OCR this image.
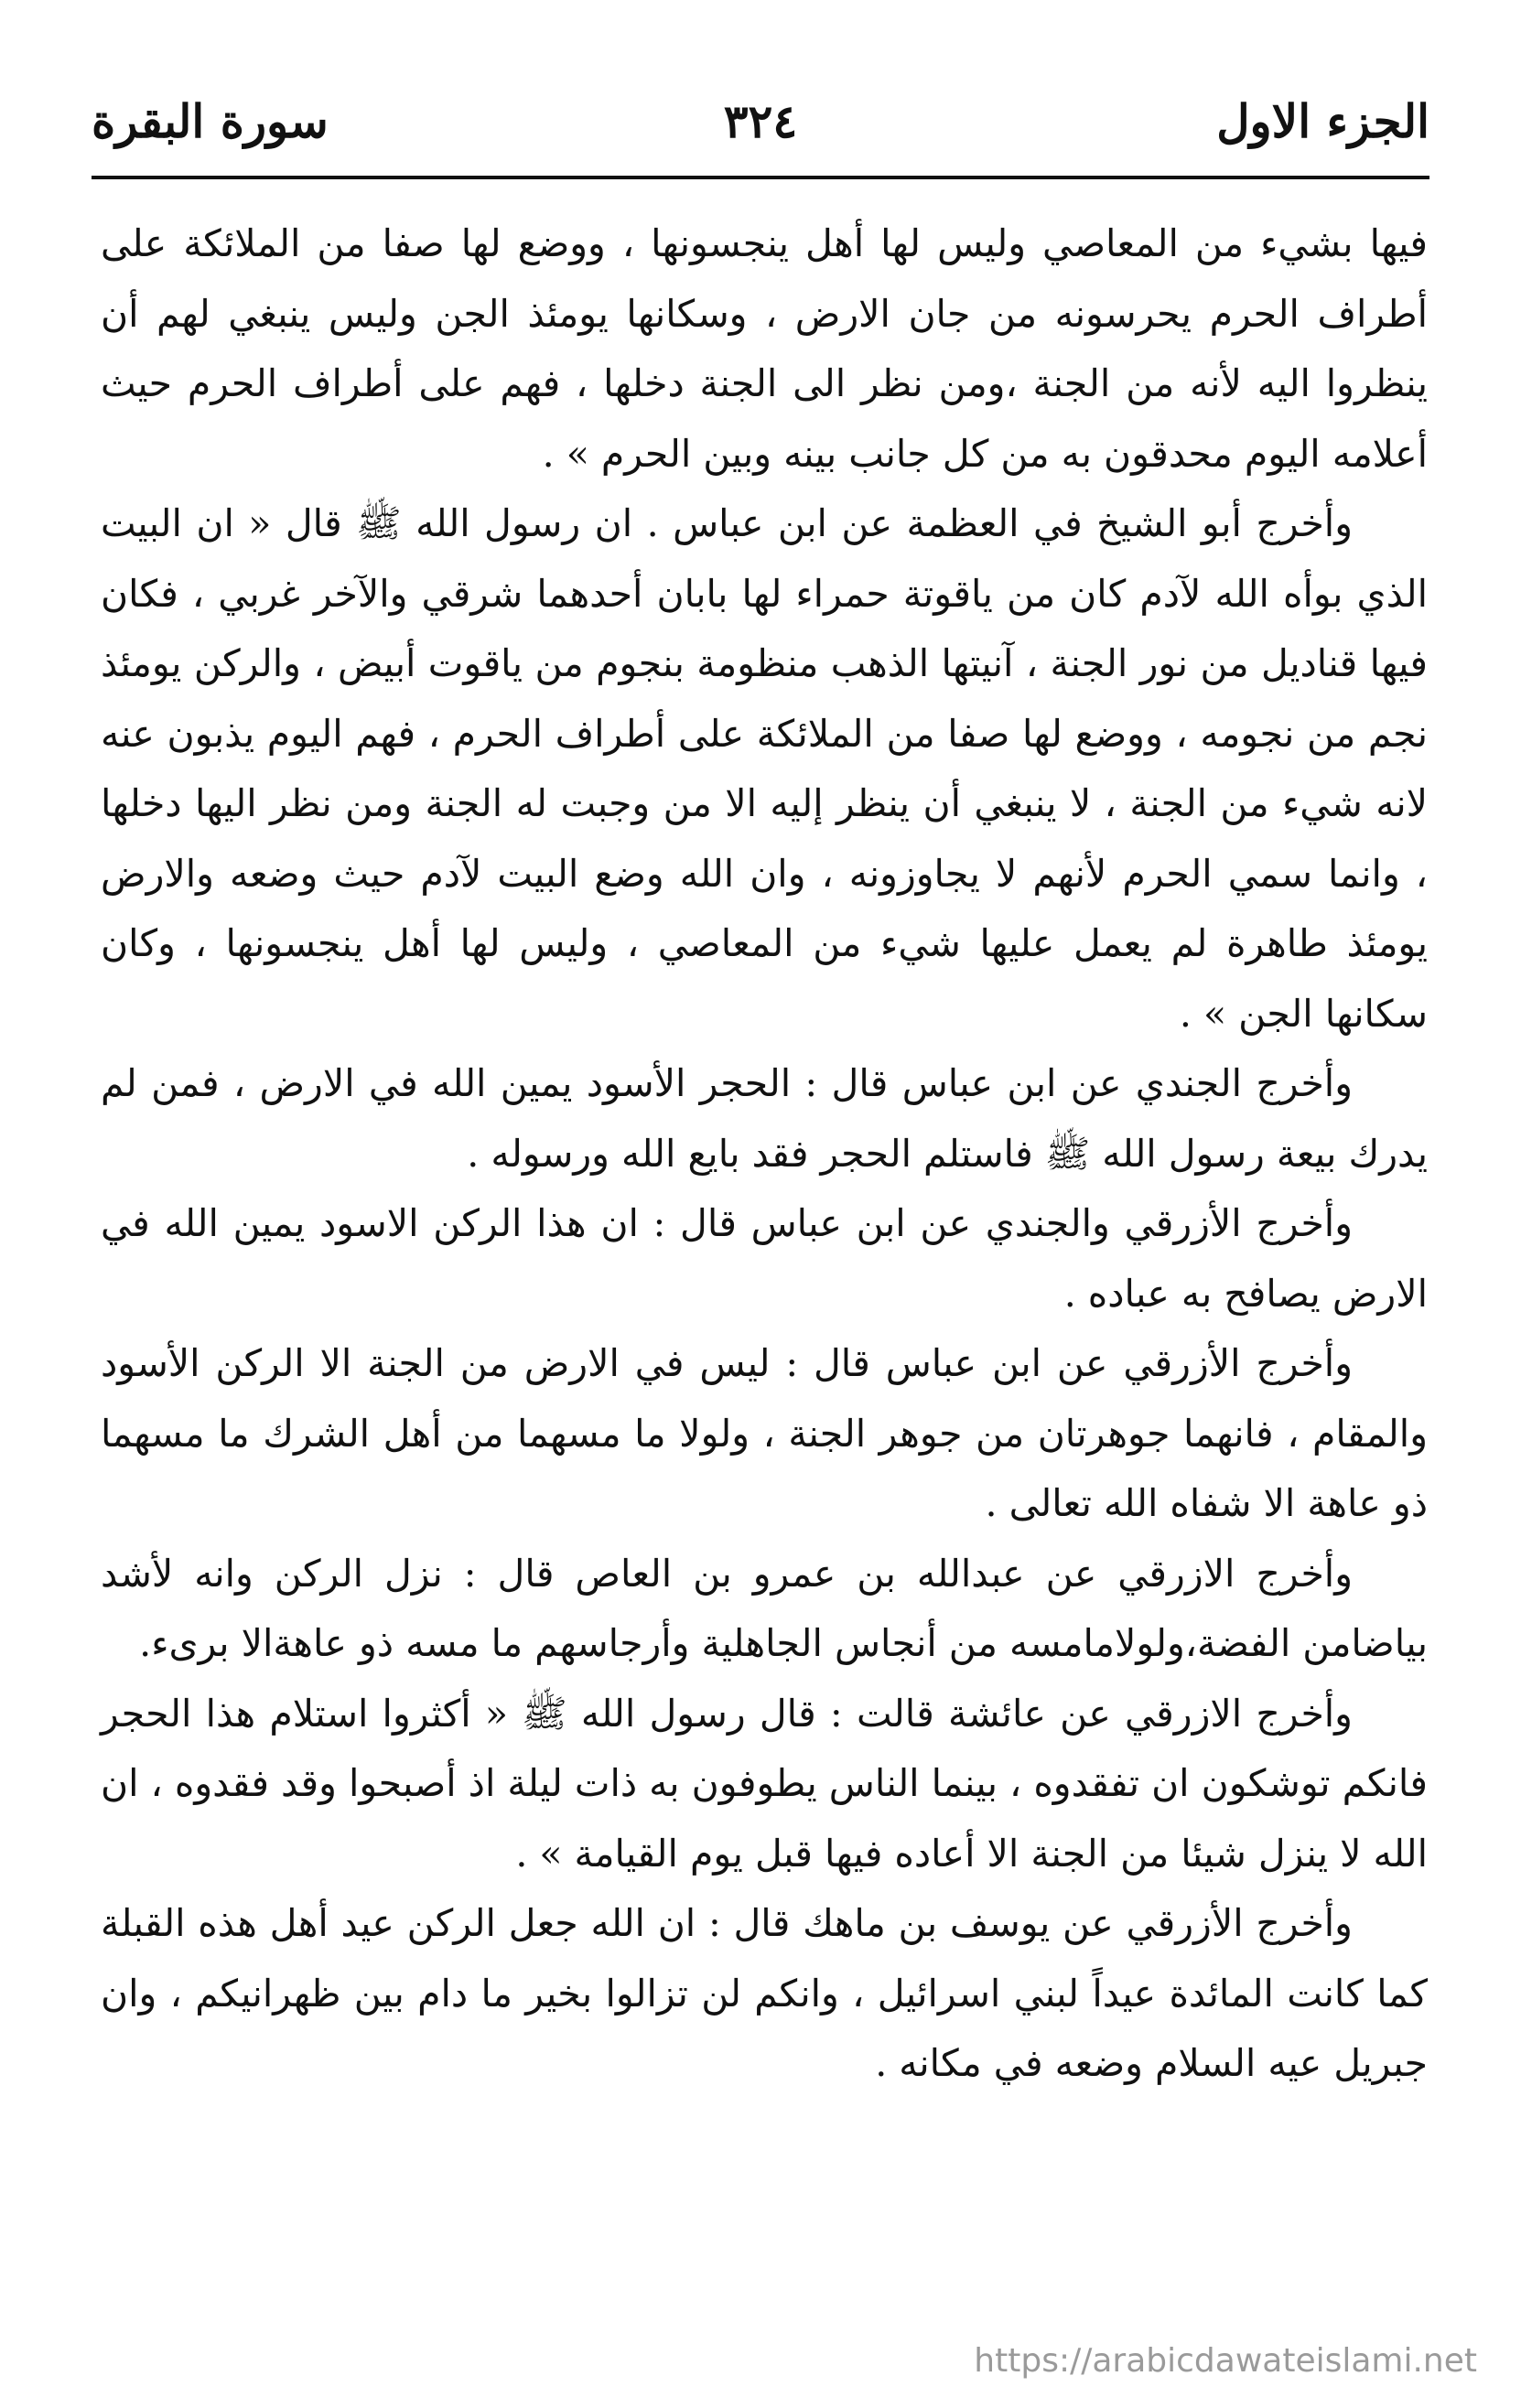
الجزء الاول
٣٢٤
سورة البقرة

فيها بشيء من المعاصي وليس لها أهل ينجسونها ، ووضع لها صفا من الملائكة على أطراف الحرم يحرسونه من جان الارض ، وسكانها يومئذ الجن وليس ينبغي لهم أن ينظروا اليه لأنه من الجنة ،ومن نظر الى الجنة دخلها ، فهم على أطراف الحرم حيث أعلامه اليوم محدقون به من كل جانب بينه وبين الحرم » .

وأخرج أبو الشيخ في العظمة عن ابن عباس . ان رسول الله ﷺ قال « ان البيت الذي بوأه الله لآدم كان من ياقوتة حمراء لها بابان أحدهما شرقي والآخر غربي ، فكان فيها قناديل من نور الجنة ، آنيتها الذهب منظومة بنجوم من ياقوت أبيض ، والركن يومئذ نجم من نجومه ، ووضع لها صفا من الملائكة على أطراف الحرم ، فهم اليوم يذبون عنه لانه شيء من الجنة ، لا ينبغي أن ينظر إليه الا من وجبت له الجنة ومن نظر اليها دخلها ، وانما سمي الحرم لأنهم لا يجاوزونه ، وان الله وضع البيت لآدم حيث وضعه والارض يومئذ طاهرة لم يعمل عليها شيء من المعاصي ، وليس لها أهل ينجسونها ، وكان سكانها الجن » .

وأخرج الجندي عن ابن عباس قال : الحجر الأسود يمين الله في الارض ، فمن لم يدرك بيعة رسول الله ﷺ فاستلم الحجر فقد بايع الله ورسوله .

وأخرج الأزرقي والجندي عن ابن عباس قال : ان هذا الركن الاسود يمين الله في الارض يصافح به عباده .

وأخرج الأزرقي عن ابن عباس قال : ليس في الارض من الجنة الا الركن الأسود والمقام ، فانهما جوهرتان من جوهر الجنة ، ولولا ما مسهما من أهل الشرك ما مسهما ذو عاهة الا شفاه الله تعالى .

وأخرج الازرقي عن عبدالله بن عمرو بن العاص قال : نزل الركن وانه لأشد بياضامن الفضة،ولولامامسه من أنجاس الجاهلية وأرجاسهم ما مسه ذو عاهةالا برىء.

وأخرج الازرقي عن عائشة قالت : قال رسول الله ﷺ « أكثروا استلام هذا الحجر فانكم توشكون ان تفقدوه ، بينما الناس يطوفون به ذات ليلة اذ أصبحوا وقد فقدوه ، ان الله لا ينزل شيئا من الجنة الا أعاده فيها قبل يوم القيامة » .

وأخرج الأزرقي عن يوسف بن ماهك قال : ان الله جعل الركن عيد أهل هذه القبلة كما كانت المائدة عيداً لبني اسرائيل ، وانكم لن تزالوا بخير ما دام بين ظهرانيكم ، وان جبريل عيه السلام وضعه في مكانه .

https://arabicdawateislami.net
